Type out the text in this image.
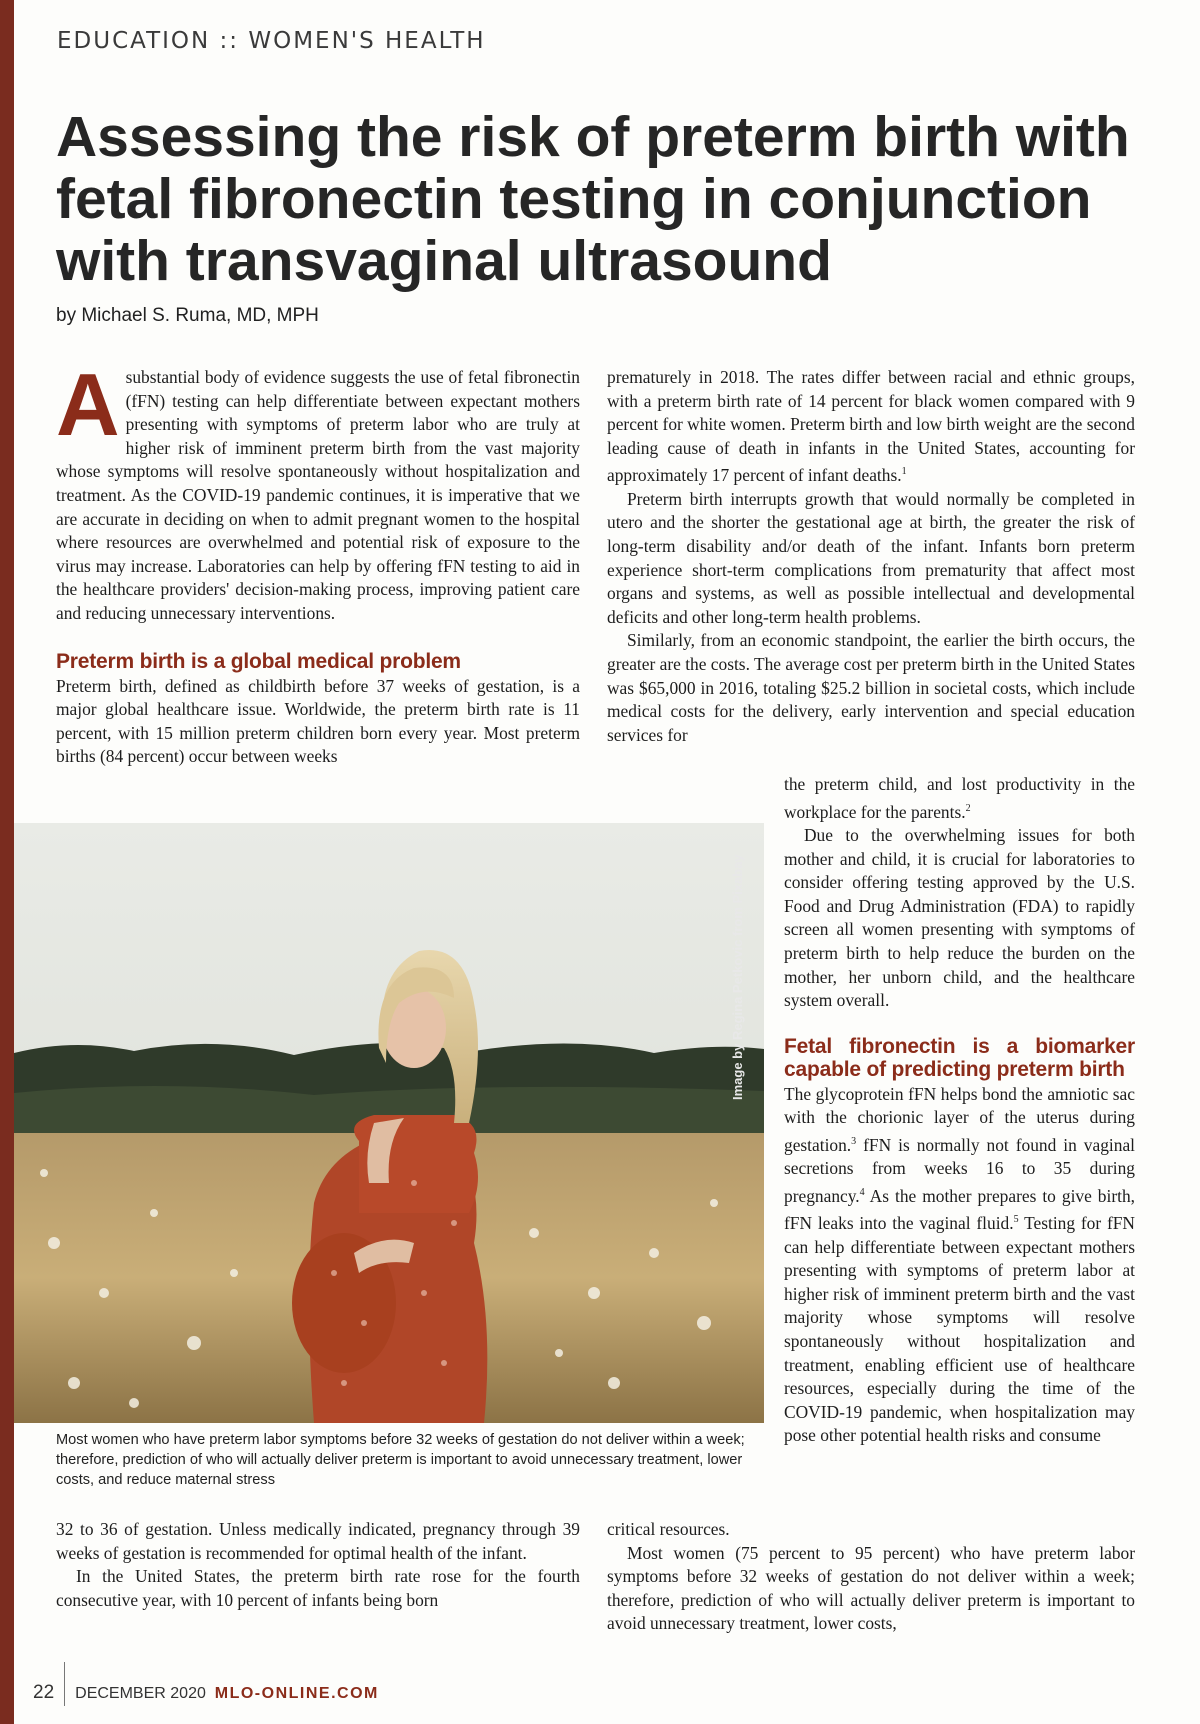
EDUCATION :: WOMEN'S HEALTH
Assessing the risk of preterm birth with
fetal fibronectin testing in conjunction
with transvaginal ultrasound
by Michael S. Ruma, MD, MPH

Asubstantial body of evidence suggests the use of fetal fibronectin (fFN) testing can help differentiate between expectant mothers presenting with symptoms of preterm labor who are truly at higher risk of imminent preterm birth from the vast majority whose symptoms will resolve spontaneously without hospitalization and treatment. As the COVID-19 pandemic continues, it is imperative that we are accurate in deciding on when to admit pregnant women to the hospital where resources are overwhelmed and potential risk of exposure to the virus may increase. Laboratories can help by offering fFN testing to aid in the healthcare providers' decision-making process, improving patient care and reducing unnecessary interventions.

Preterm birth is a global medical problem

Preterm birth, defined as childbirth before 37 weeks of gestation, is a major global healthcare issue. Worldwide, the preterm birth rate is 11 percent, with 15 million preterm children born every year. Most preterm births (84 percent) occur between weeks

prematurely in 2018. The rates differ between racial and ethnic groups, with a preterm birth rate of 14 percent for black women compared with 9 percent for white women. Preterm birth and low birth weight are the second leading cause of death in infants in the United States, accounting for approximately 17 percent of infant deaths.$^1$

Preterm birth interrupts growth that would normally be completed in utero and the shorter the gestational age at birth, the greater the risk of long-term disability and/or death of the infant. Infants born preterm experience short-term complications from prematurity that affect most organs and systems, as well as possible intellectual and developmental deficits and other long-term health problems.

Similarly, from an economic standpoint, the earlier the birth occurs, the greater are the costs. The average cost per preterm birth in the United States was $65,000 in 2016, totaling $25.2 billion in societal costs, which include medical costs for the delivery, early intervention and special education services for

the preterm child, and lost productivity in the workplace for the parents.$^2$

Due to the overwhelming issues for both mother and child, it is crucial for laboratories to consider offering testing approved by the U.S. Food and Drug Administration (FDA) to rapidly screen all women presenting with symptoms of preterm birth to help reduce the burden on the mother, her unborn child, and the healthcare system overall.

Fetal fibronectin is a biomarker capable of predicting preterm birth

The glycoprotein fFN helps bond the amniotic sac with the chorionic layer of the uterus during gestation.$^3$ fFN is normally not found in vaginal secretions from weeks 16 to 35 during pregnancy.$^4$ As the mother prepares to give birth, fFN leaks into the vaginal fluid.$^5$ Testing for fFN can help differentiate between expectant mothers presenting with symptoms of preterm labor at higher risk of imminent preterm birth and the vast majority whose symptoms will resolve spontaneously without hospitalization and treatment, enabling efficient use of healthcare resources, especially during the time of the COVID-19 pandemic, when hospitalization may pose other potential health risks and consume

Image by Regina Petkovic from Pixabay
Most women who have preterm labor symptoms before 32 weeks of gestation do not deliver within a week; therefore, prediction of who will actually deliver preterm is important to avoid unnecessary treatment, lower costs, and reduce maternal stress

32 to 36 of gestation. Unless medically indicated, pregnancy through 39 weeks of gestation is recommended for optimal health of the infant.

In the United States, the preterm birth rate rose for the fourth consecutive year, with 10 percent of infants being born

critical resources.

Most women (75 percent to 95 percent) who have preterm labor symptoms before 32 weeks of gestation do not deliver within a week; therefore, prediction of who will actually deliver preterm is important to avoid unnecessary treatment, lower costs,

22 DECEMBER 2020 MLO-ONLINE.COM
